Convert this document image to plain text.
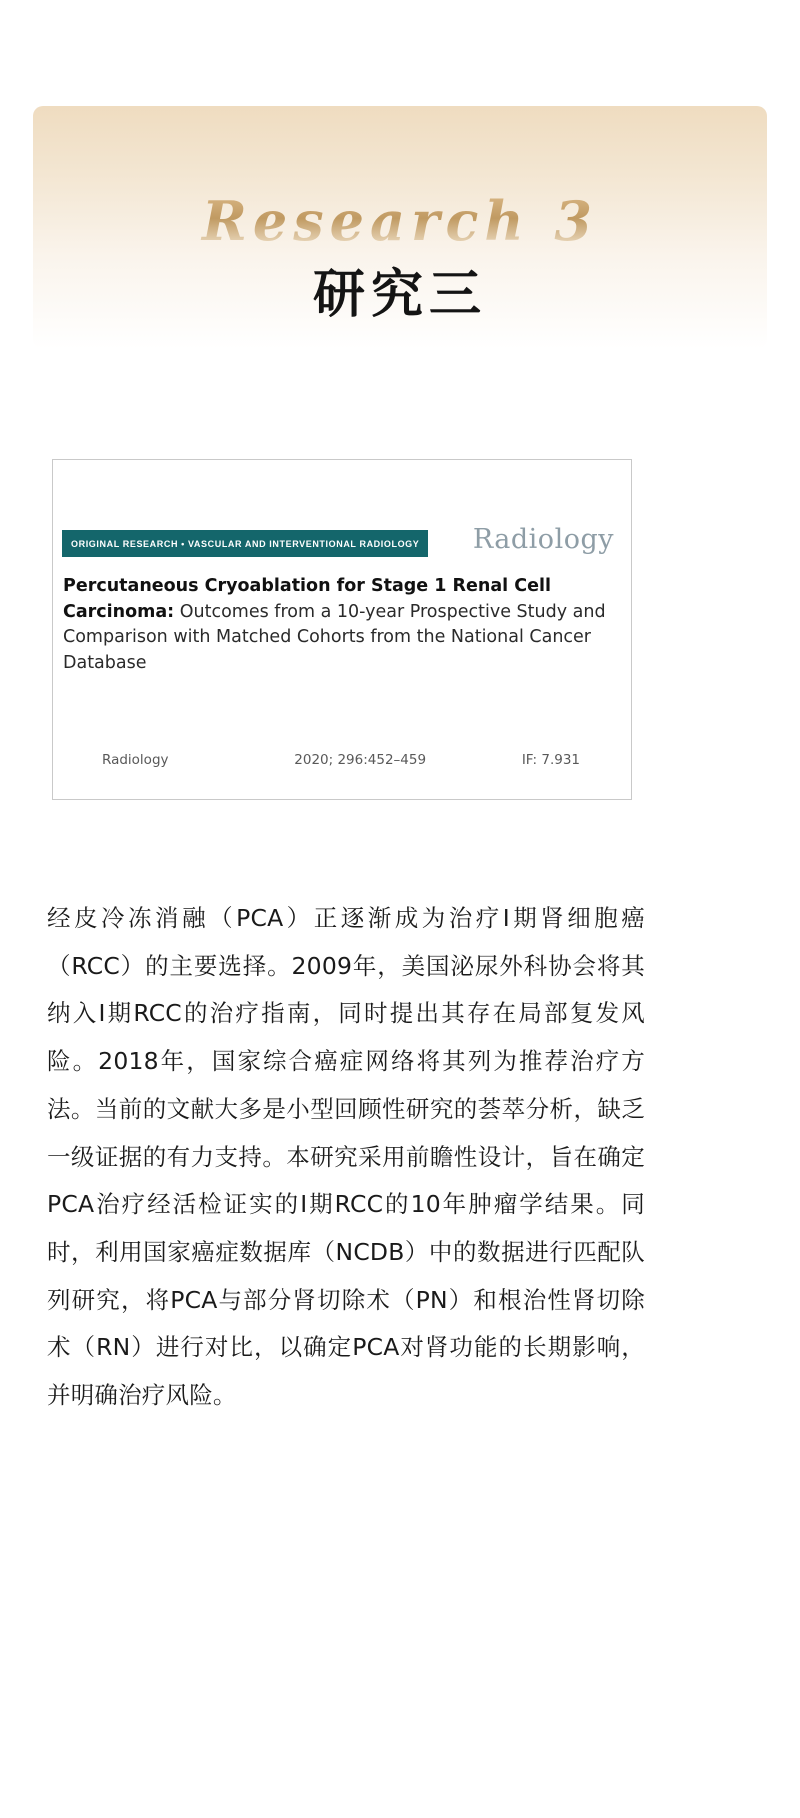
Research 3
研究三
ORIGINAL RESEARCH • VASCULAR AND INTERVENTIONAL RADIOLOGY	Radiology
Percutaneous Cryoablation for Stage 1 Renal Cell Carcinoma: Outcomes from a 10-year Prospective Study and Comparison with Matched Cohorts from the National Cancer Database
Radiology	2020; 296:452–459	IF: 7.931
经皮冷冻消融（PCA）正逐渐成为治疗I期肾细胞癌（RCC）的主要选择。2009年，美国泌尿外科协会将其纳入I期RCC的治疗指南，同时提出其存在局部复发风险。2018年，国家综合癌症网络将其列为推荐治疗方法。当前的文献大多是小型回顾性研究的荟萃分析，缺乏一级证据的有力支持。本研究采用前瞻性设计，旨在确定PCA治疗经活检证实的I期RCC的10年肿瘤学结果。同时，利用国家癌症数据库（NCDB）中的数据进行匹配队列研究，将PCA与部分肾切除术（PN）和根治性肾切除术（RN）进行对比，以确定PCA对肾功能的长期影响，并明确治疗风险。
